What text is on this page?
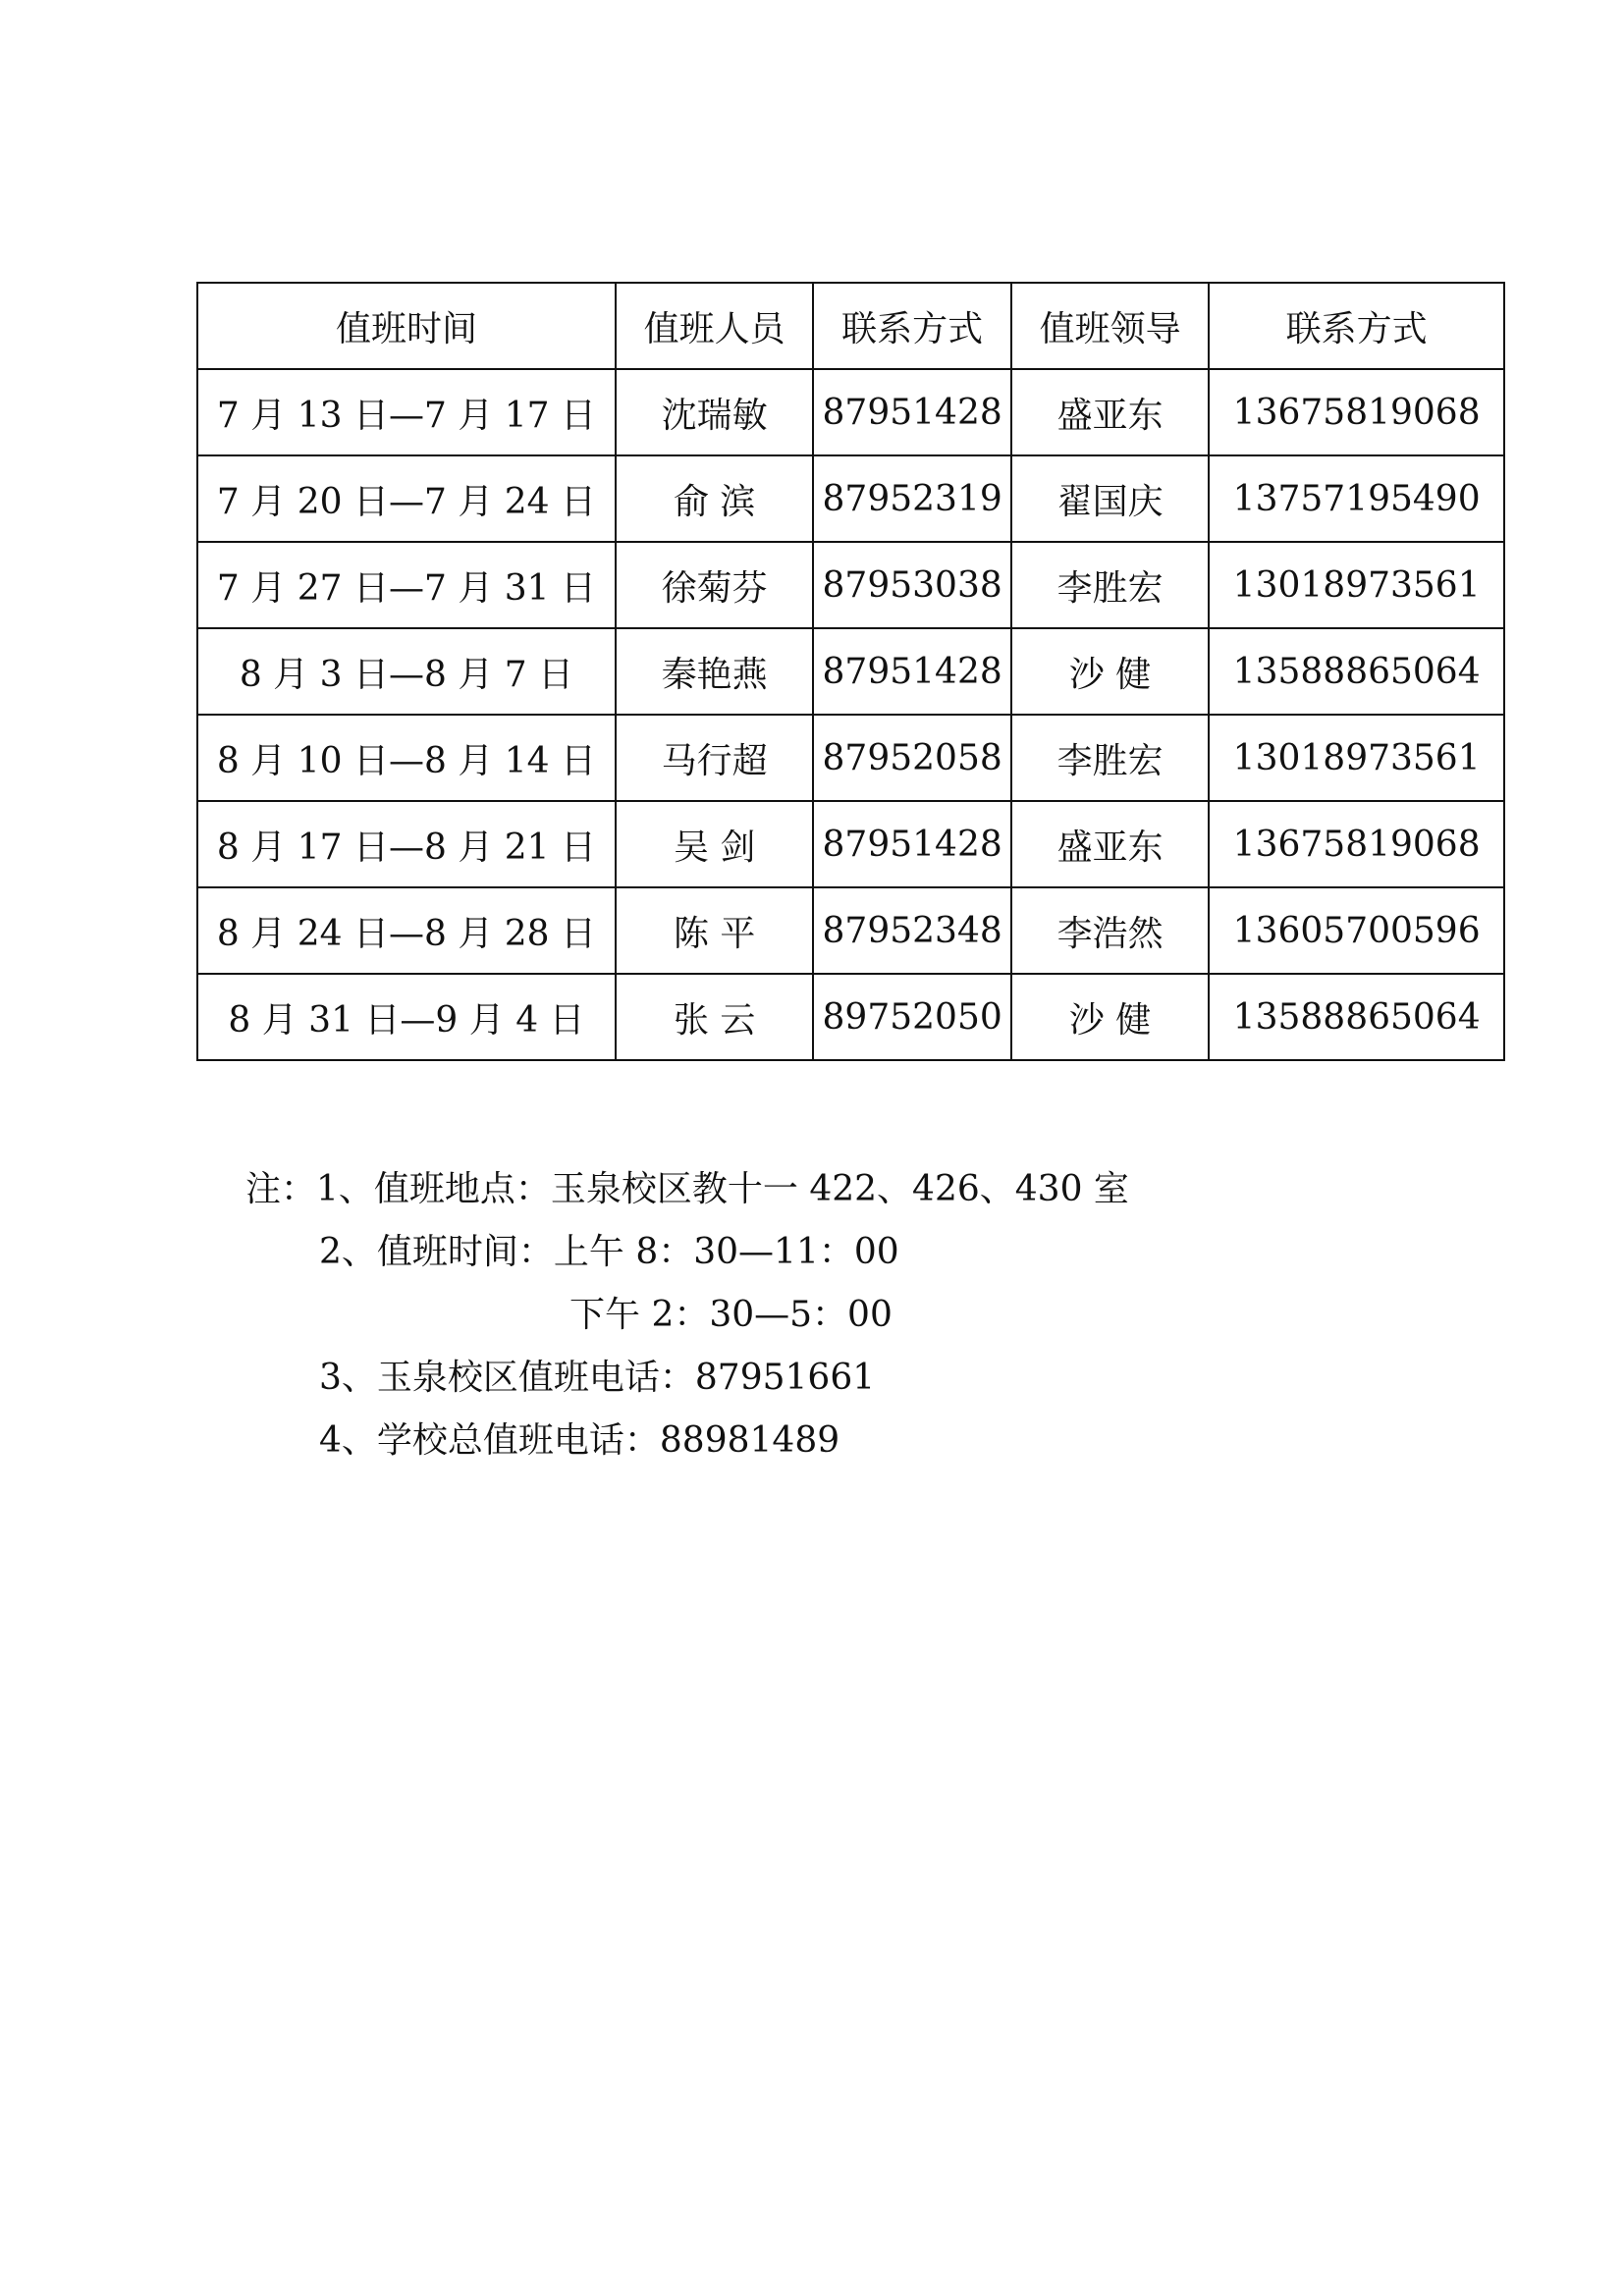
值班时间	值班人员	联系方式	值班领导	联系方式
7 月 13 日—7 月 17 日	沈瑞敏	87951428	盛亚东	13675819068
7 月 20 日—7 月 24 日	俞 滨	87952319	翟国庆	13757195490
7 月 27 日—7 月 31 日	徐菊芬	87953038	李胜宏	13018973561
8 月 3 日—8 月 7 日	秦艳燕	87951428	沙 健	13588865064
8 月 10 日—8 月 14 日	马行超	87952058	李胜宏	13018973561
8 月 17 日—8 月 21 日	吴 剑	87951428	盛亚东	13675819068
8 月 24 日—8 月 28 日	陈 平	87952348	李浩然	13605700596
8 月 31 日—9 月 4 日	张 云	89752050	沙 健	13588865064
注：1、值班地点：玉泉校区教十一 422、426、430 室
2、值班时间：上午 8：30—11：00
下午 2：30—5：00
3、玉泉校区值班电话：87951661
4、学校总值班电话：88981489
